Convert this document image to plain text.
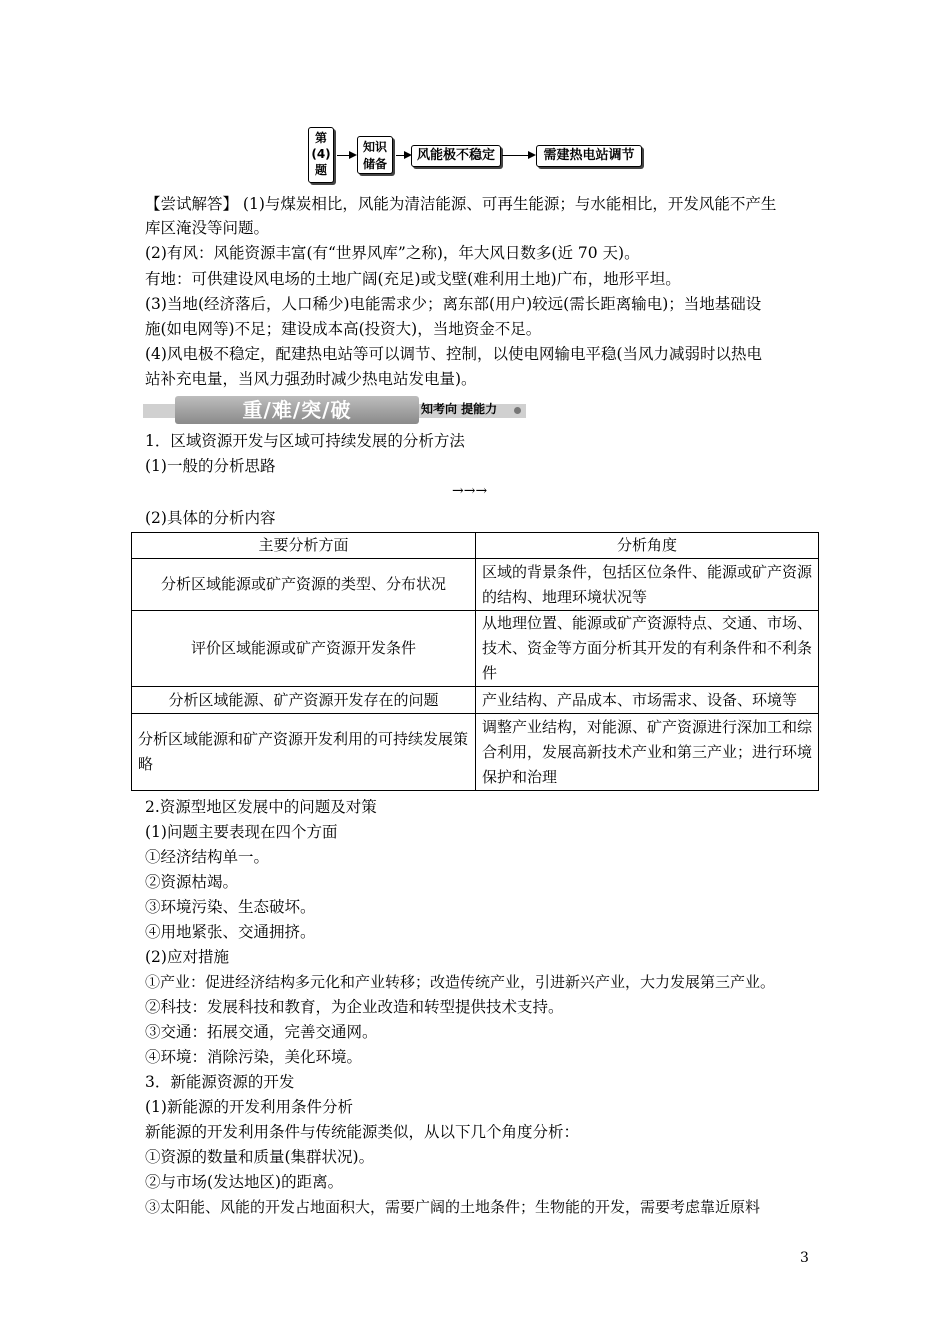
第
(4)
题
知识
储备
风能极不稳定	需建热电站调节
【尝试解答】 (1)与煤炭相比，风能为清洁能源、可再生能源；与水能相比，开发风能不产生
库区淹没等问题。
(2)有风：风能资源丰富(有“世界风库”之称)，年大风日数多(近 70 天)。
有地：可供建设风电场的土地广阔(充足)或戈壁(难利用土地)广布，地形平坦。
(3)当地(经济落后，人口稀少)电能需求少；离东部(用户)较远(需长距离输电)；当地基础设
施(如电网等)不足；建设成本高(投资大)，当地资金不足。
(4)风电极不稳定，配建热电站等可以调节、控制，以使电网输电平稳(当风力减弱时以热电
站补充电量，当风力强劲时减少热电站发电量)。
重/难/突/破	知考向 提能力
1．区域资源开发与区域可持续发展的分析方法
(1)一般的分析思路
→→→
(2)具体的分析内容
主要分析方面	分析角度
分析区域能源或矿产资源的类型、分布状况	区域的背景条件，包括区位条件、能源或矿产资源的结构、地理环境状况等
评价区域能源或矿产资源开发条件	从地理位置、能源或矿产资源特点、交通、市场、技术、资金等方面分析其开发的有利条件和不利条件
分析区域能源、矿产资源开发存在的问题	产业结构、产品成本、市场需求、设备、环境等
分析区域能源和矿产资源开发利用的可持续发展策略	调整产业结构，对能源、矿产资源进行深加工和综合利用，发展高新技术产业和第三产业；进行环境保护和治理
2.资源型地区发展中的问题及对策
(1)问题主要表现在四个方面
①经济结构单一。
②资源枯竭。
③环境污染、生态破坏。
④用地紧张、交通拥挤。
(2)应对措施
①产业：促进经济结构多元化和产业转移；改造传统产业，引进新兴产业，大力发展第三产业。
②科技：发展科技和教育，为企业改造和转型提供技术支持。
③交通：拓展交通，完善交通网。
④环境：消除污染，美化环境。
3．新能源资源的开发
(1)新能源的开发利用条件分析
新能源的开发利用条件与传统能源类似，从以下几个角度分析：
①资源的数量和质量(集群状况)。
②与市场(发达地区)的距离。
③太阳能、风能的开发占地面积大，需要广阔的土地条件；生物能的开发，需要考虑靠近原料
3
